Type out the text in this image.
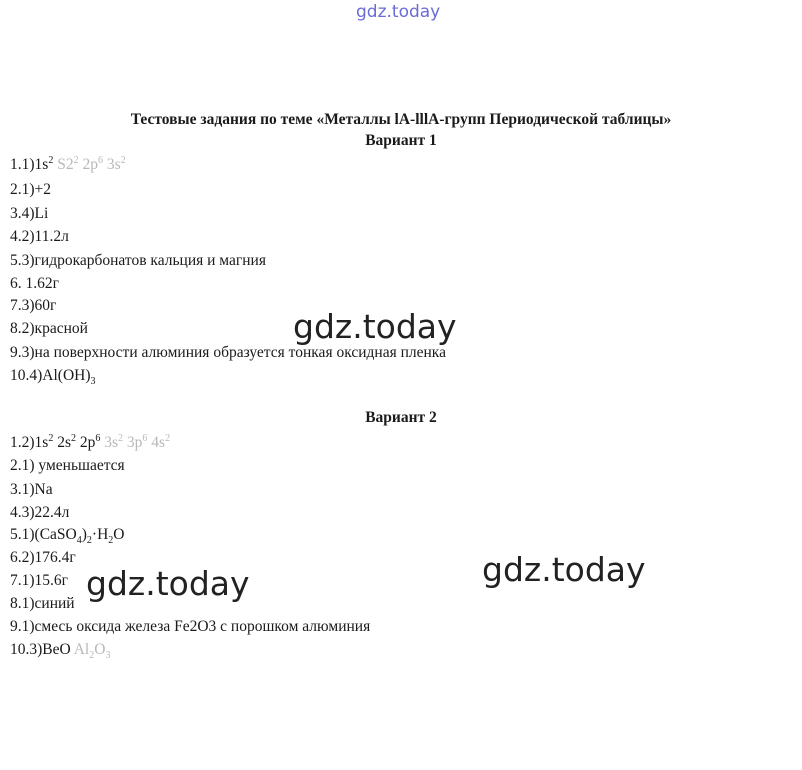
gdz.today
Тестовые задания по теме «Металлы lA-lllA-групп Периодической таблицы»
Вариант 1
$1.1)1s^2$ $S2^2$ $2p^6$ $3s^2$
2.1)+2
3.4)Li
4.2)11.2л
5.3)гидрокарбонатов кальция и магния
6. 1.62г
7.3)60г
8.2)красной
9.3)на поверхности алюминия образуется тонкая оксидная пленка
$10.4)Al(OH)_3$
Вариант 2
$1.2)1s^2$ $2s^2$ $2p^6$ $3s^2$ $3p^6$ $4s^2$
2.1) уменьшается
3.1)Na
4.3)22.4л
$5.1)(CaSO_4)_2\cdot H_2O$
6.2)176.4г
7.1)15.6г
8.1)синий
9.1)смесь оксида железа Fe2O3 с порошком алюминия
10.3)BeO $Al_2O_3$
gdz.today
gdz.today	gdz.today
